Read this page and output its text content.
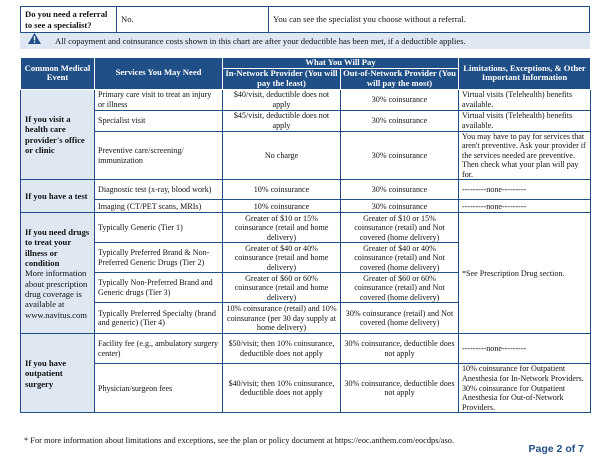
Do you need a referral to see a specialist?	No.	You can see the specialist you choose without a referral.
All copayment and coinsurance costs shown in this chart are after your deductible has been met, if a deductible applies.
Common Medical Event	Services You May Need	What You Will Pay		Limitations, Exceptions, & Other Important Information
		In-Network Provider (You will pay the least)	Out-of-Network Provider (You will pay the most)	
If you visit a health care provider's office or clinic	Primary care visit to treat an injury or illness	$40/visit, deductible does not apply	30% coinsurance	Virtual visits (Telehealth) benefits available.
	Specialist visit	$45/visit, deductible does not apply	30% coinsurance	Virtual visits (Telehealth) benefits available.
	Preventive care/screening/ immunization	No charge	30% coinsurance	You may have to pay for services that aren't preventive. Ask your provider if the services needed are preventive. Then check what your plan will pay for.
If you have a test	Diagnostic test (x-ray, blood work)	10% coinsurance	30% coinsurance	---------none---------
	Imaging (CT/PET scans, MRIs)	10% coinsurance	30% coinsurance	---------none---------

If you need drugs to treat your illness or condition
More information about prescription drug coverage is available at www.navitus.com	Typically Generic (Tier 1)	Greater of $10 or 15% coinsurance (retail and home delivery)	Greater of $10 or 15% coinsurance (retail) and Not covered (home delivery)	*See Prescription Drug section.
	Typically Preferred Brand & Non-Preferred Generic Drugs (Tier 2)	Greater of $40 or 40% coinsurance (retail and home delivery)	Greater of $40 or 40% coinsurance (retail) and Not covered (home delivery)	
	Typically Non-Preferred Brand and Generic drugs (Tier 3)	Greater of $60 or 60% coinsurance (retail and home delivery)	Greater of $60 or 60% coinsurance (retail) and Not covered (home delivery)	
	Typically Preferred Specialty (brand and generic) (Tier 4)	10% coinsurance (retail) and 10% coinsurance (per 30 day supply at home delivery)	30% coinsurance (retail) and Not covered (home delivery)	
If you have outpatient surgery	Facility fee (e.g., ambulatory surgery center)	$50/visit; then 10% coinsurance, deductible does not apply	30% coinsurance, deductible does not apply	---------none---------
	Physician/surgeon fees	$40/visit; then 10% coinsurance, deductible does not apply	30% coinsurance, deductible does not apply	10% coinsurance for Outpatient Anesthesia for In-Network Providers. 30% coinsurance for Outpatient Anesthesia for Out-of-Network Providers.
* For more information about limitations and exceptions, see the plan or policy document at https://eoc.anthem.com/eocdps/aso.
Page 2 of 7
